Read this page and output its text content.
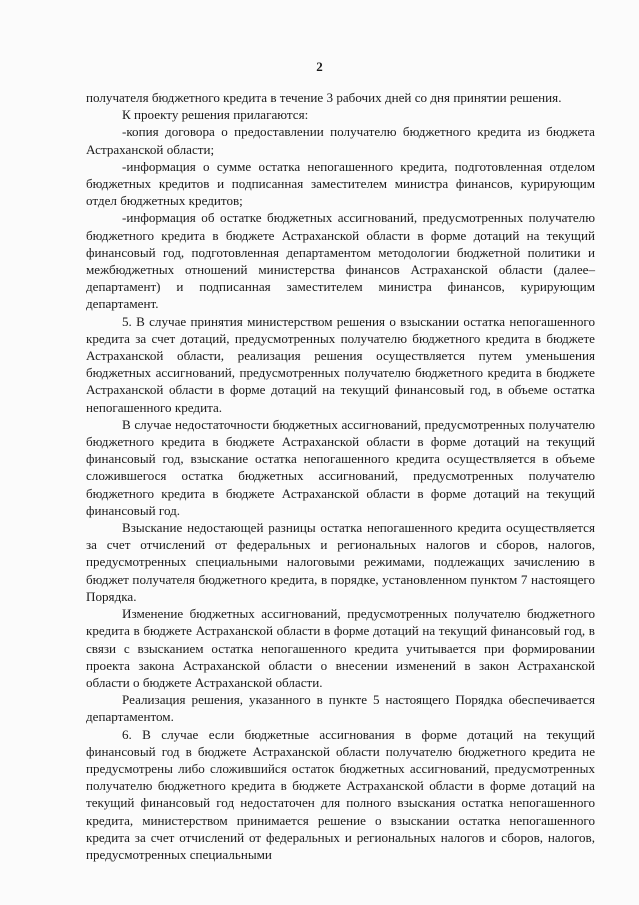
2

получателя бюджетного кредита в течение 3 рабочих дней со дня принятии решения.

К проекту решения прилагаются:

-копия договора о предоставлении получателю бюджетного кредита из бюджета Астраханской области;

-информация о сумме остатка непогашенного кредита, подготовленная отделом бюджетных кредитов и подписанная заместителем министра финансов, курирующим отдел бюджетных кредитов;

-информация об остатке бюджетных ассигнований, предусмотренных получателю бюджетного кредита в бюджете Астраханской области в форме дотаций на текущий финансовый год, подготовленная департаментом методологии бюджетной политики и межбюджетных отношений министерства финансов Астраханской области (далее–департамент) и подписанная заместителем министра финансов, курирующим департамент.

5. В случае принятия министерством решения о взыскании остатка непогашенного кредита за счет дотаций, предусмотренных получателю бюджетного кредита в бюджете Астраханской области, реализация решения осуществляется путем уменьшения бюджетных ассигнований, предусмотренных получателю бюджетного кредита в бюджете Астраханской области в форме дотаций на текущий финансовый год, в объеме остатка непогашенного кредита.

В случае недостаточности бюджетных ассигнований, предусмотренных получателю бюджетного кредита в бюджете Астраханской области в форме дотаций на текущий финансовый год, взыскание остатка непогашенного кредита осуществляется в объеме сложившегося остатка бюджетных ассигнований, предусмотренных получателю бюджетного кредита в бюджете Астраханской области в форме дотаций на текущий финансовый год.

Взыскание недостающей разницы остатка непогашенного кредита осуществляется за счет отчислений от федеральных и региональных налогов и сборов, налогов, предусмотренных специальными налоговыми режимами, подлежащих зачислению в бюджет получателя бюджетного кредита, в порядке, установленном пунктом 7 настоящего Порядка.

Изменение бюджетных ассигнований, предусмотренных получателю бюджетного кредита в бюджете Астраханской области в форме дотаций на текущий финансовый год, в связи с взысканием остатка непогашенного кредита учитывается при формировании проекта закона Астраханской области о внесении изменений в закон Астраханской области о бюджете Астраханской области.

Реализация решения, указанного в пункте 5 настоящего Порядка обеспечивается департаментом.

6. В случае если бюджетные ассигнования в форме дотаций на текущий финансовый год в бюджете Астраханской области получателю бюджетного кредита не предусмотрены либо сложившийся остаток бюджетных ассигнований, предусмотренных получателю бюджетного кредита в бюджете Астраханской области в форме дотаций на текущий финансовый год недостаточен для полного взыскания остатка непогашенного кредита, министерством принимается решение о взыскании остатка непогашенного кредита за счет отчислений от федеральных и региональных налогов и сборов, налогов, предусмотренных специальными
